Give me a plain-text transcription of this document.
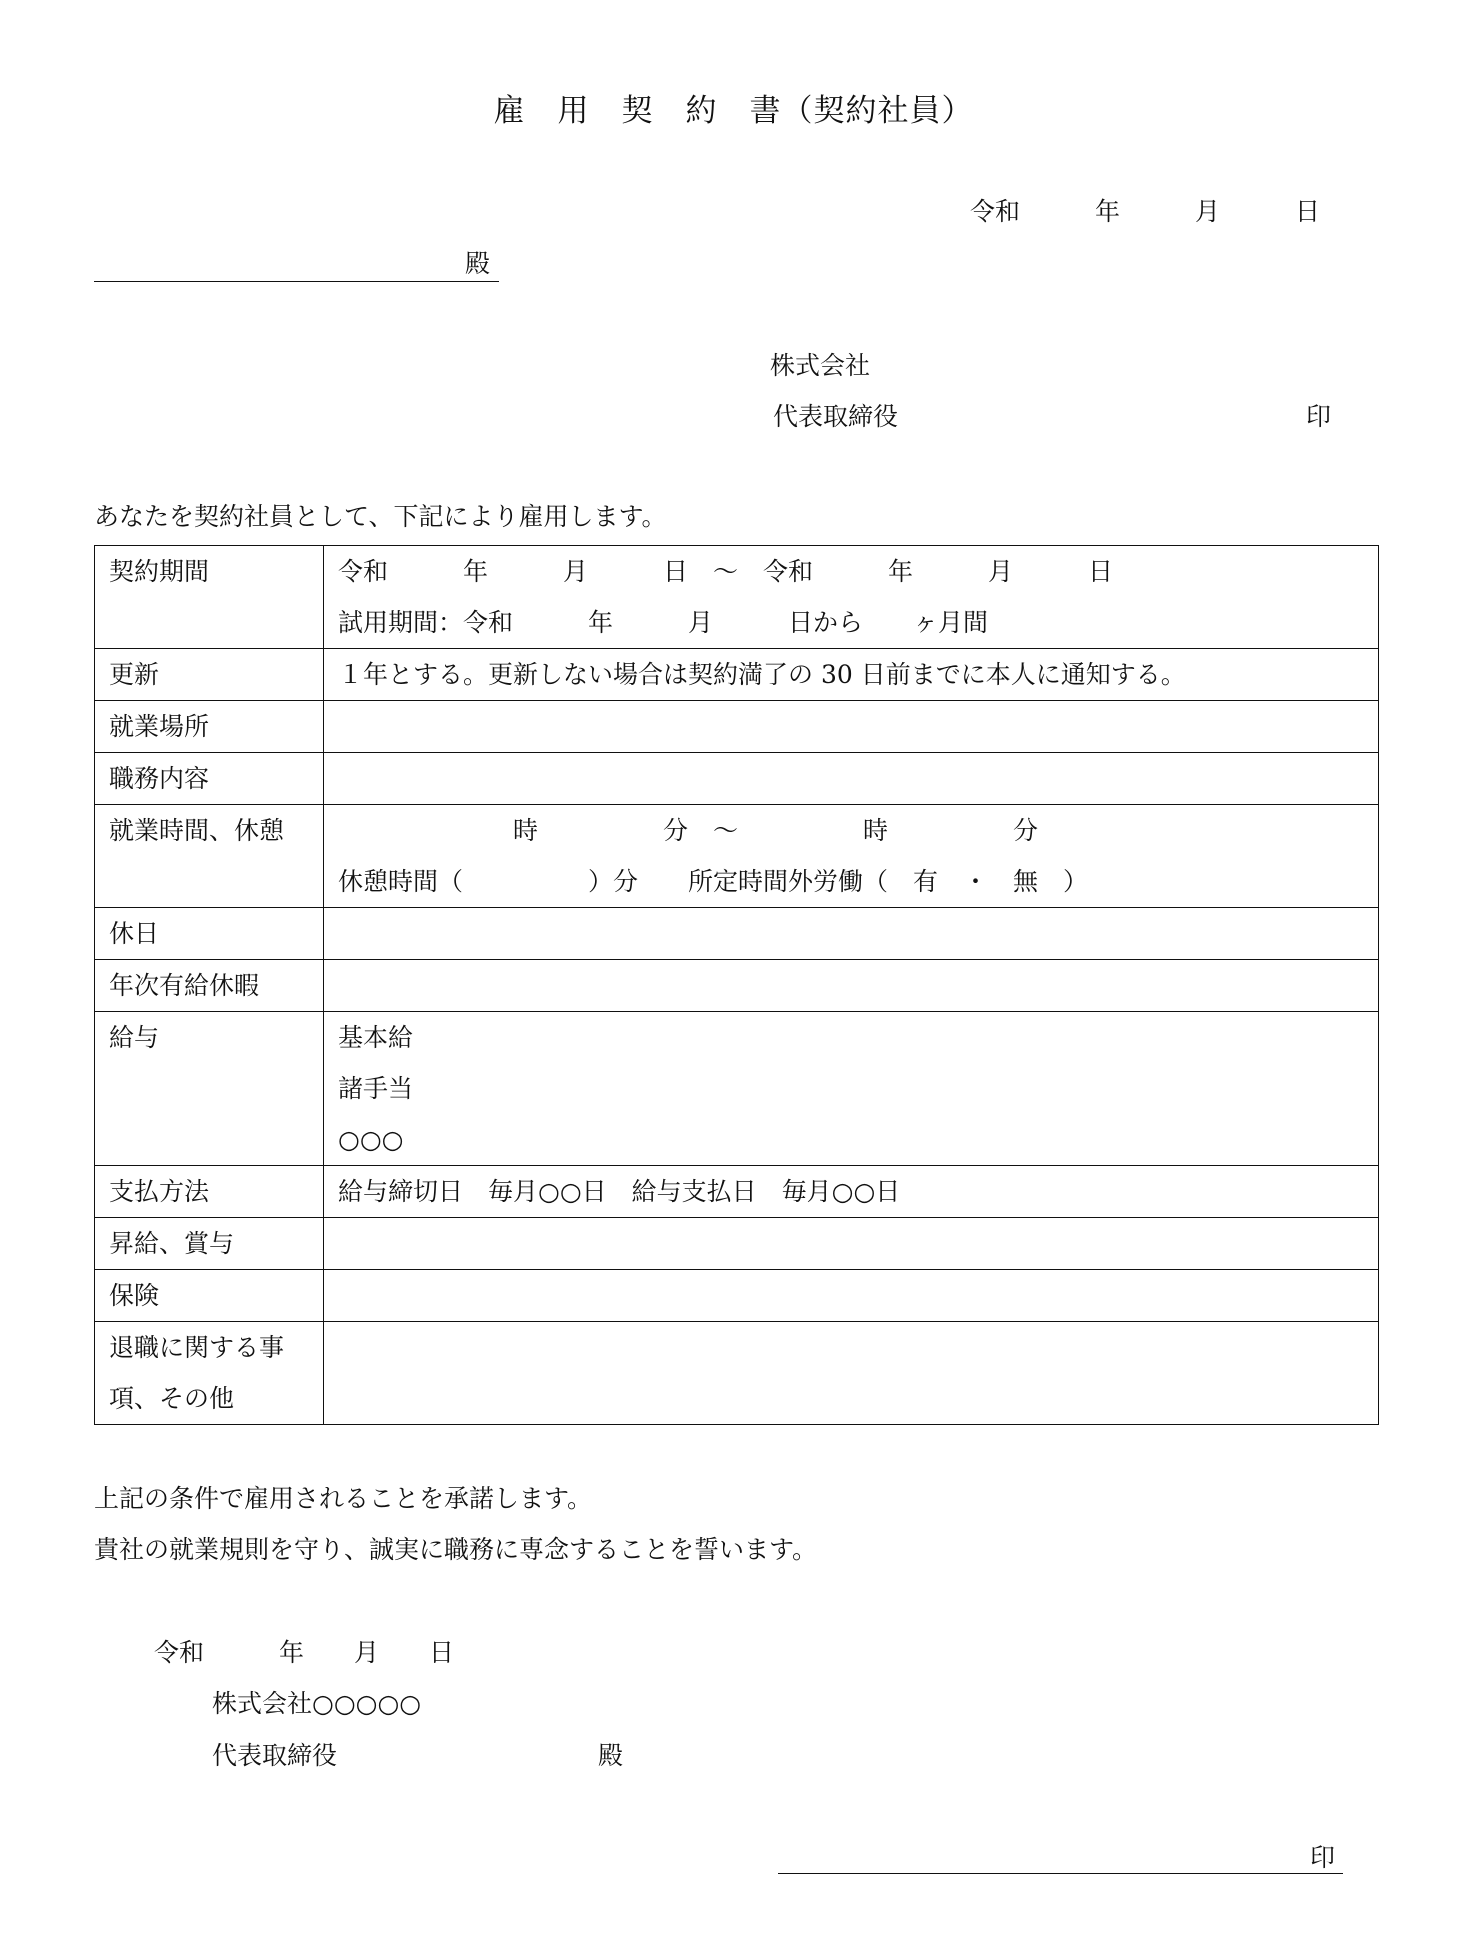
雇　用　契　約　書（契約社員）
令和　　　年　　　月　　　日
殿
株式会社
代表取締役	印
あなたを契約社員として、下記により雇用します。
契約期間	令和　　　年　　　月　　　日　〜　令和　　　年　　　月　　　日
試用期間：令和　　　年　　　月　　　日から　　ヶ月間

更新	１年とする。更新しない場合は契約満了の 30 日前までに本人に通知する。
就業場所	
職務内容	
就業時間、休憩	　　　　　　　時　　　　　分　〜　　　　　時　　　　　分
休憩時間（　　　　　）分　　所定時間外労働（　有　・　無　）

休日	
年次有給休暇	
給与	基本給
諸手当
○○○

支払方法	給与締切日　毎月○○日　給与支払日　毎月○○日
昇給、賞与	
保険	

退職に関する事
項、その他	

上記の条件で雇用されることを承諾します。
貴社の就業規則を守り、誠実に職務に専念することを誓います。
令和　　　年　　月　　日
株式会社○○○○○
代表取締役	殿
印
